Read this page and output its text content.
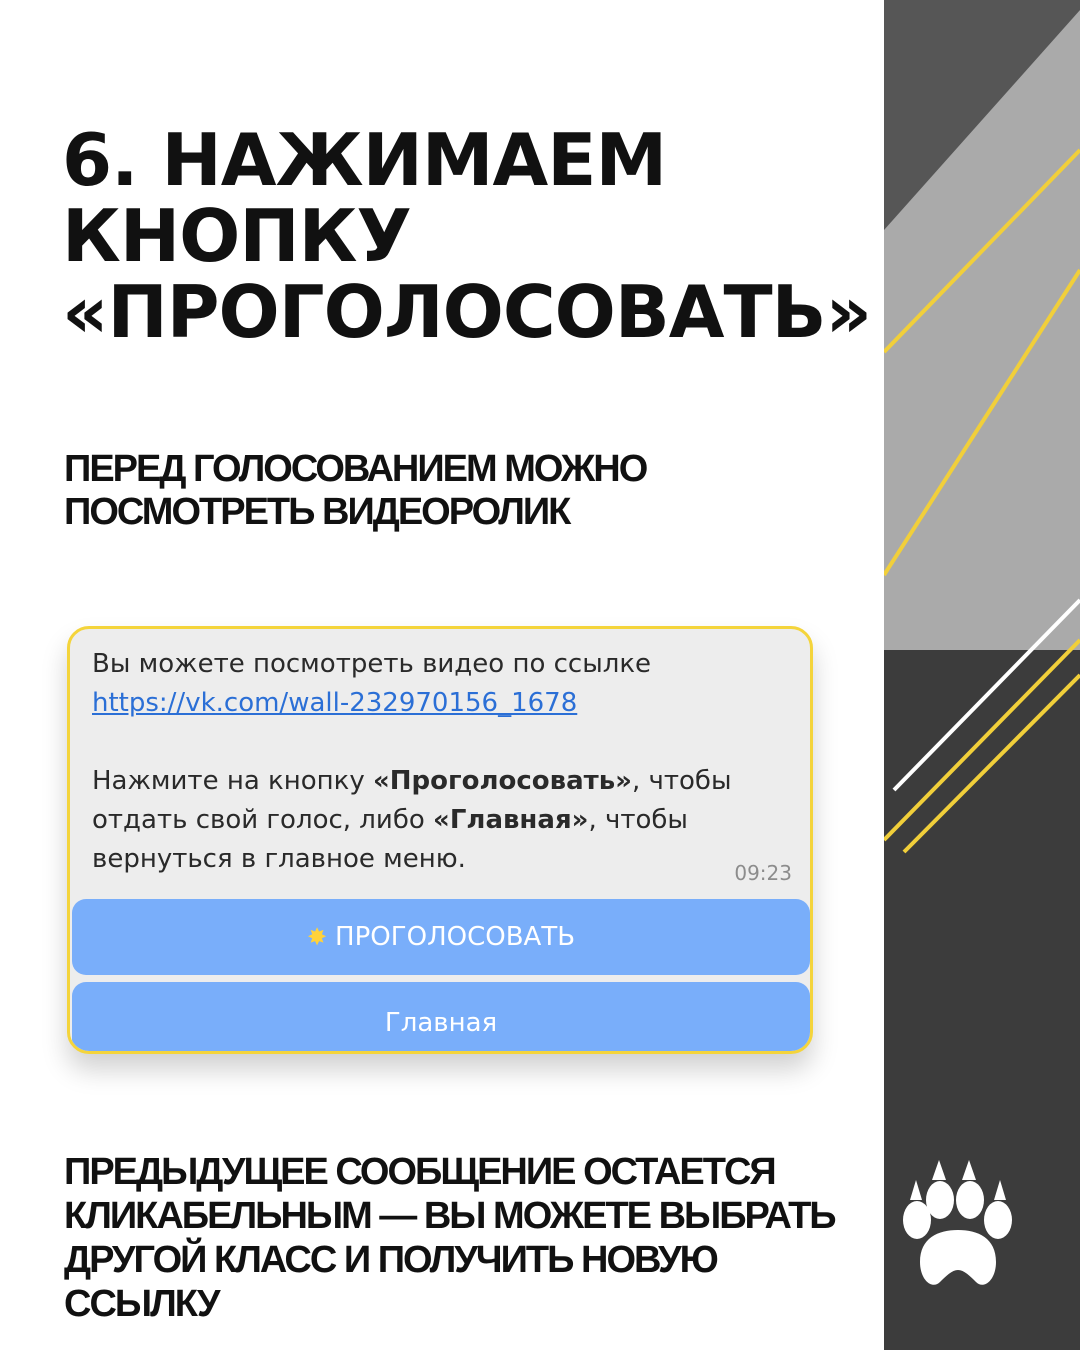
6. НАЖИМАЕМ
КНОПКУ
«ПРОГОЛОСОВАТЬ»
ПЕРЕД ГОЛОСОВАНИЕМ МОЖНО
ПОСМОТРЕТЬ ВИДЕОРОЛИК

Вы можете посмотреть видео по ссылке

https://vk.com/wall-232970156_1678

Нажмите на кнопку «Проголосовать», чтобы

отдать свой голос, либо «Главная», чтобы

вернуться в главное меню.	09:23
✸ ПРОГОЛОСОВАТЬ
Главная
ПРЕДЫДУЩЕЕ СООБЩЕНИЕ ОСТАЕТСЯ
КЛИКАБЕЛЬНЫМ — ВЫ МОЖЕТЕ ВЫБРАТЬ
ДРУГОЙ КЛАСС И ПОЛУЧИТЬ НОВУЮ
ССЫЛКУ
